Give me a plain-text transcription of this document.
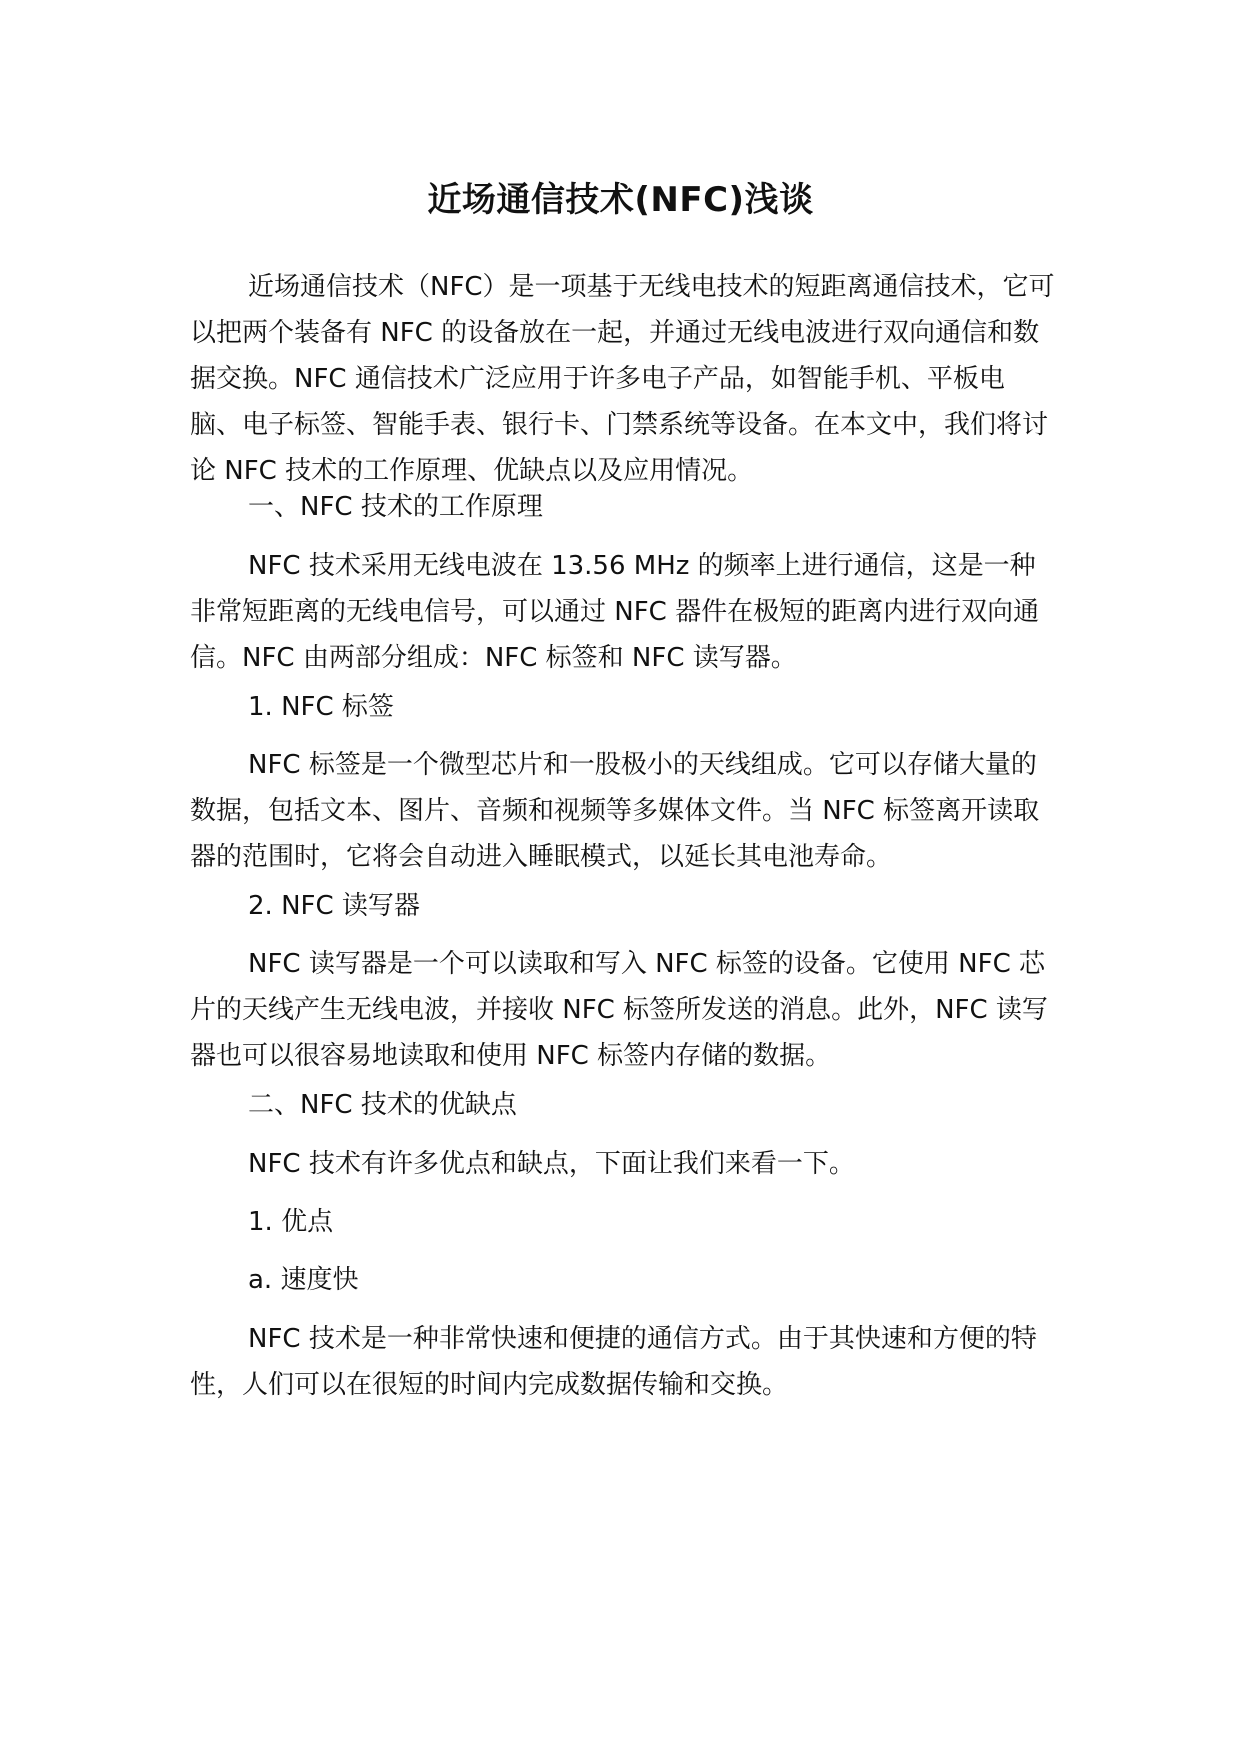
近场通信技术(NFC)浅谈

近场通信技术（NFC）是一项基于无线电技术的短距离通信技术，它可以把两个装备有 NFC 的设备放在一起，并通过无线电波进行双向通信和数据交换。NFC 通信技术广泛应用于许多电子产品，如智能手机、平板电脑、电子标签、智能手表、银行卡、门禁系统等设备。在本文中，我们将讨论 NFC 技术的工作原理、优缺点以及应用情况。

一、NFC 技术的工作原理

NFC 技术采用无线电波在 13.56 MHz 的频率上进行通信，这是一种非常短距离的无线电信号，可以通过 NFC 器件在极短的距离内进行双向通信。NFC 由两部分组成：NFC 标签和 NFC 读写器。

1. NFC 标签

NFC 标签是一个微型芯片和一股极小的天线组成。它可以存储大量的数据，包括文本、图片、音频和视频等多媒体文件。当 NFC 标签离开读取器的范围时，它将会自动进入睡眠模式，以延长其电池寿命。

2. NFC 读写器

NFC 读写器是一个可以读取和写入 NFC 标签的设备。它使用 NFC 芯片的天线产生无线电波，并接收 NFC 标签所发送的消息。此外，NFC 读写器也可以很容易地读取和使用 NFC 标签内存储的数据。

二、NFC 技术的优缺点

NFC 技术有许多优点和缺点，下面让我们来看一下。

1. 优点

a. 速度快

NFC 技术是一种非常快速和便捷的通信方式。由于其快速和方便的特性，人们可以在很短的时间内完成数据传输和交换。
